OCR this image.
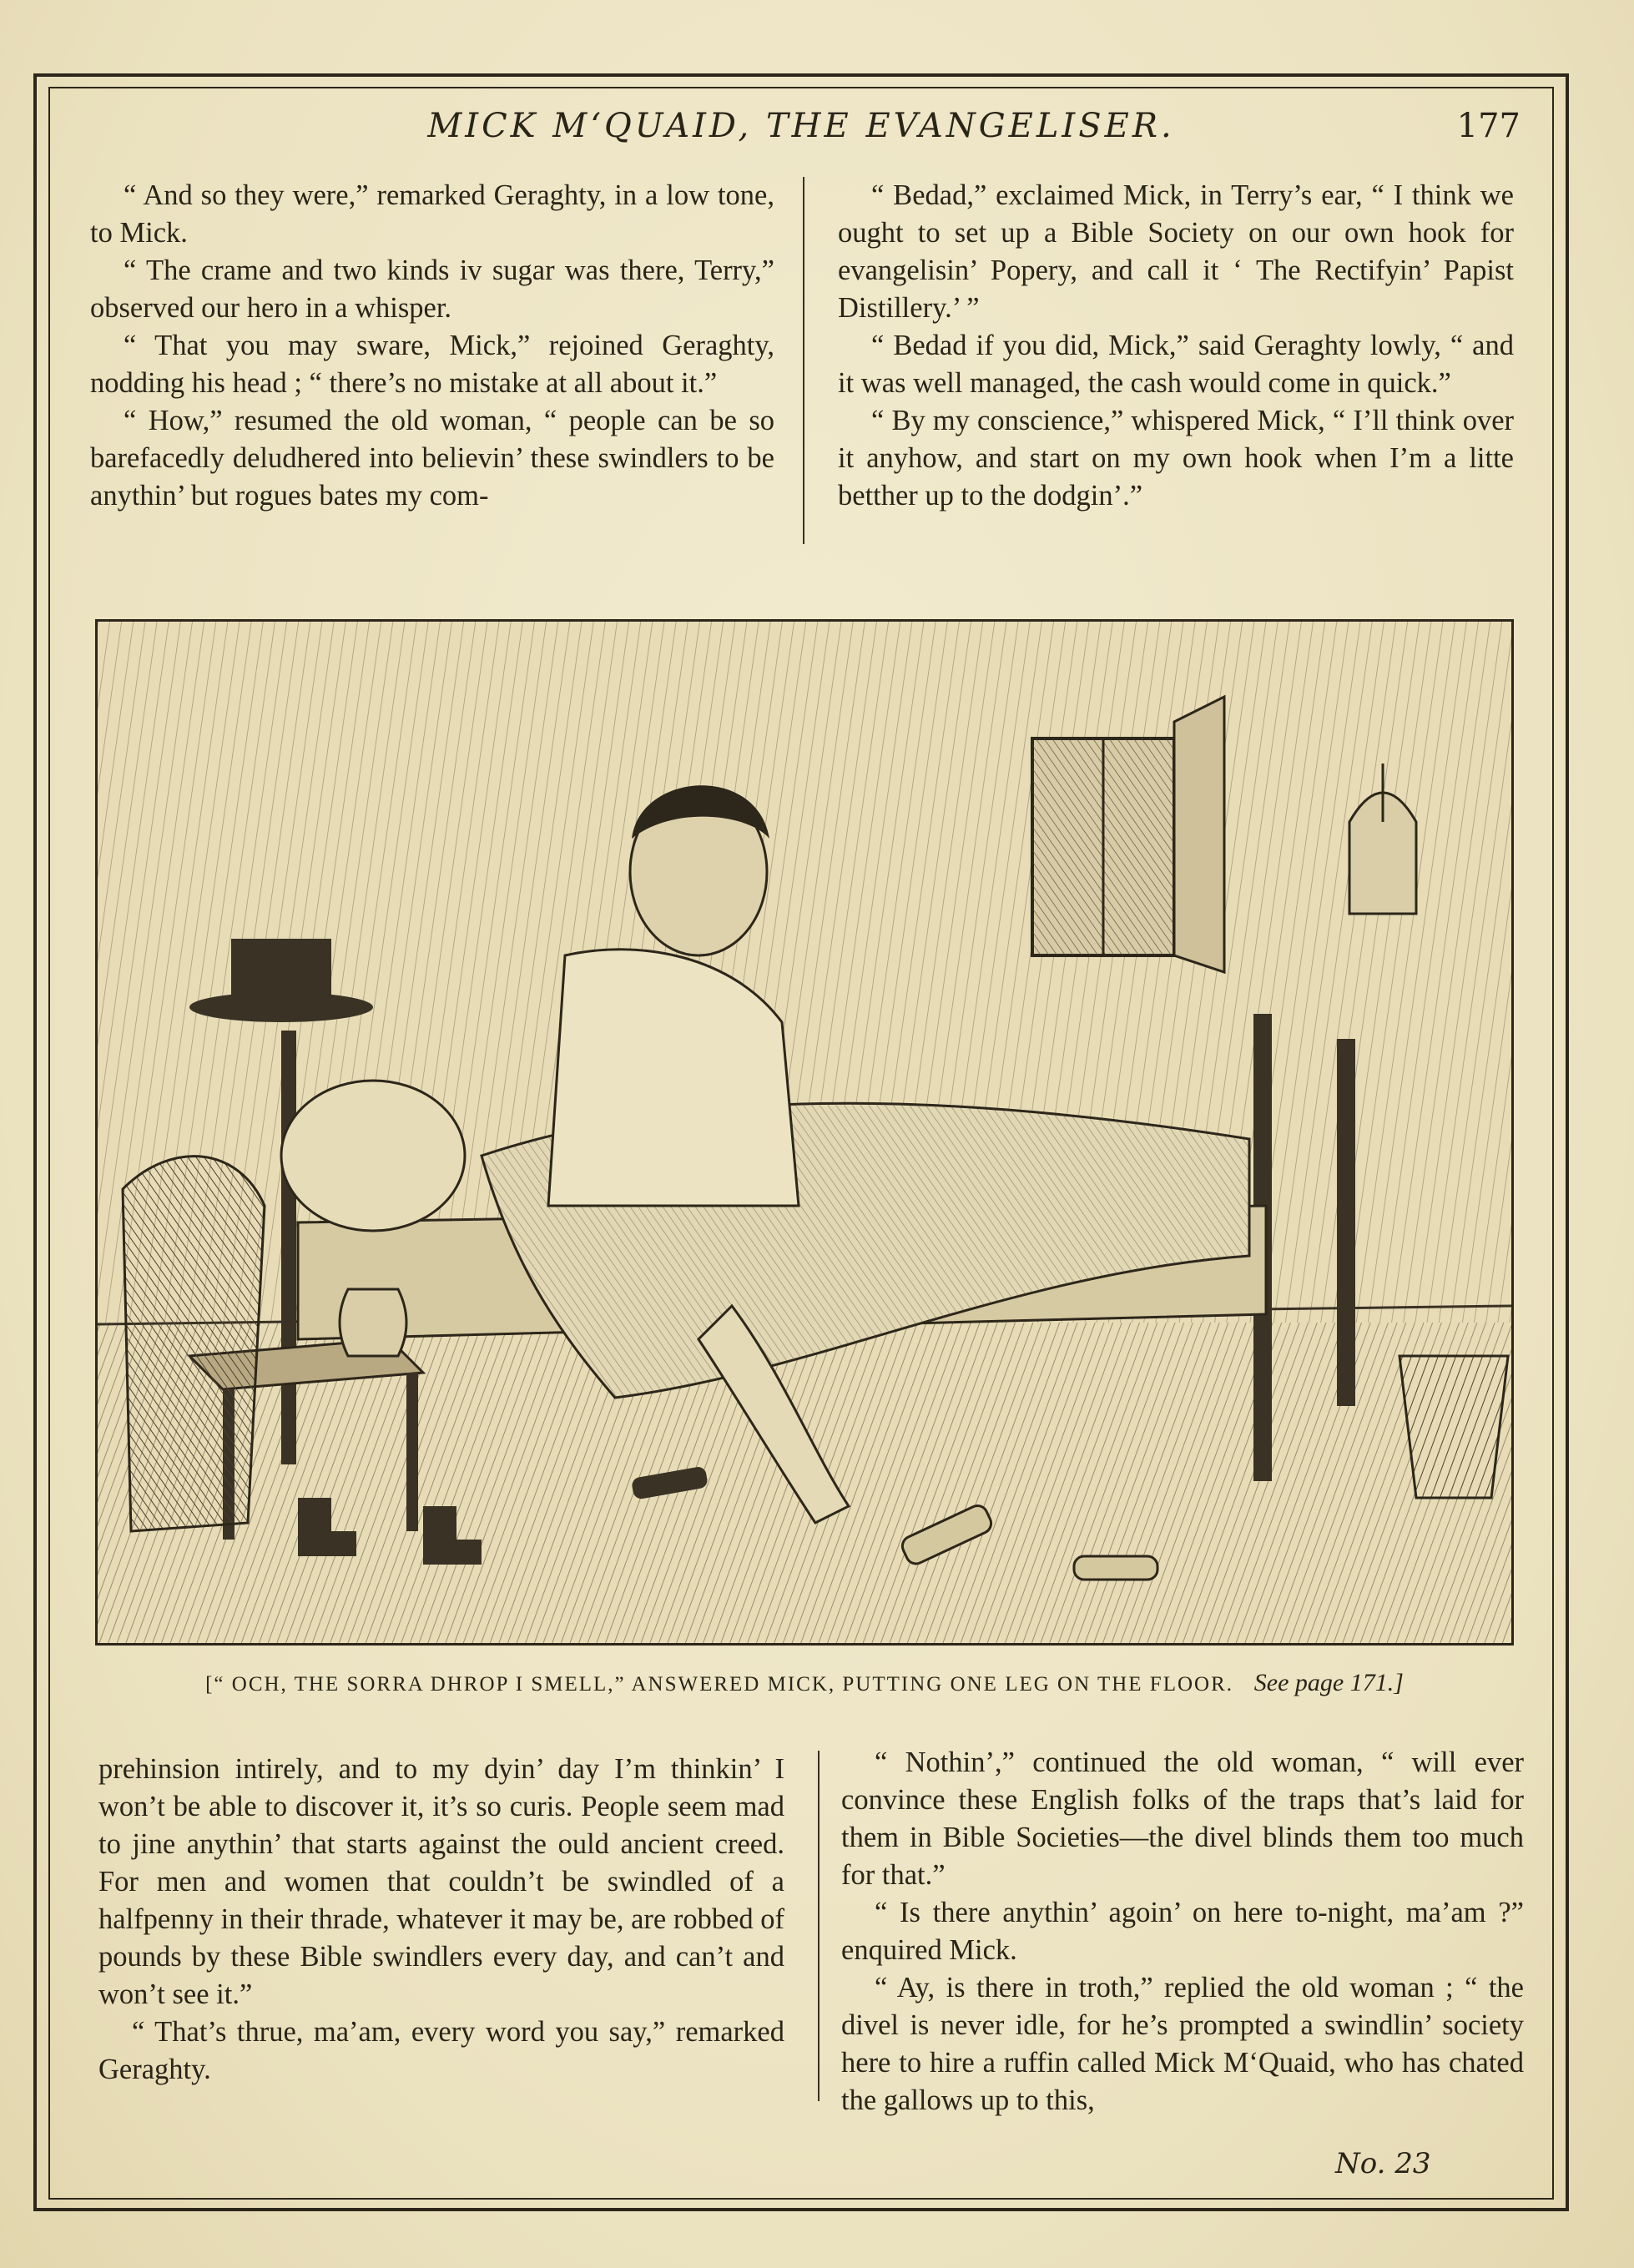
MICK M‘QUAID, THE EVANGELISER.	177

“ And so they were,” remarked Geraghty, in a low tone, to Mick.

“ The crame and two kinds iv sugar was there, Terry,” observed our hero in a whisper.

“ That you may sware, Mick,” rejoined Geraghty, nodding his head ; “ there’s no mistake at all about it.”

“ How,” resumed the old woman, “ people can be so barefacedly deludhered into believin’ these swindlers to be anythin’ but rogues bates my com-

“ Bedad,” exclaimed Mick, in Terry’s ear, “ I think we ought to set up a Bible Society on our own hook for evangelisin’ Popery, and call it ‘ The Rectifyin’ Papist Distillery.’ ”

“ Bedad if you did, Mick,” said Geraghty lowly, “ and it was well managed, the cash would come in quick.”

“ By my conscience,” whispered Mick, “ I’ll think over it anyhow, and start on my own hook when I’m a litte betther up to the dodgin’.”

[“ OCH, THE SORRA DHROP I SMELL,” ANSWERED MICK, PUTTING ONE LEG ON THE FLOOR. See page 171.]

prehinsion intirely, and to my dyin’ day I’m thinkin’ I won’t be able to discover it, it’s so curis. People seem mad to jine anythin’ that starts against the ould ancient creed. For men and women that couldn’t be swindled of a halfpenny in their thrade, whatever it may be, are robbed of pounds by these Bible swindlers every day, and can’t and won’t see it.”

“ That’s thrue, ma’am, every word you say,” remarked Geraghty.

“ Nothin’,” continued the old woman, “ will ever convince these English folks of the traps that’s laid for them in Bible Societies—the divel blinds them too much for that.”

“ Is there anythin’ agoin’ on here to-night, ma’am ?” enquired Mick.

“ Ay, is there in troth,” replied the old woman ; “ the divel is never idle, for he’s prompted a swindlin’ society here to hire a ruffin called Mick M‘Quaid, who has chated the gallows up to this,

No. 23
